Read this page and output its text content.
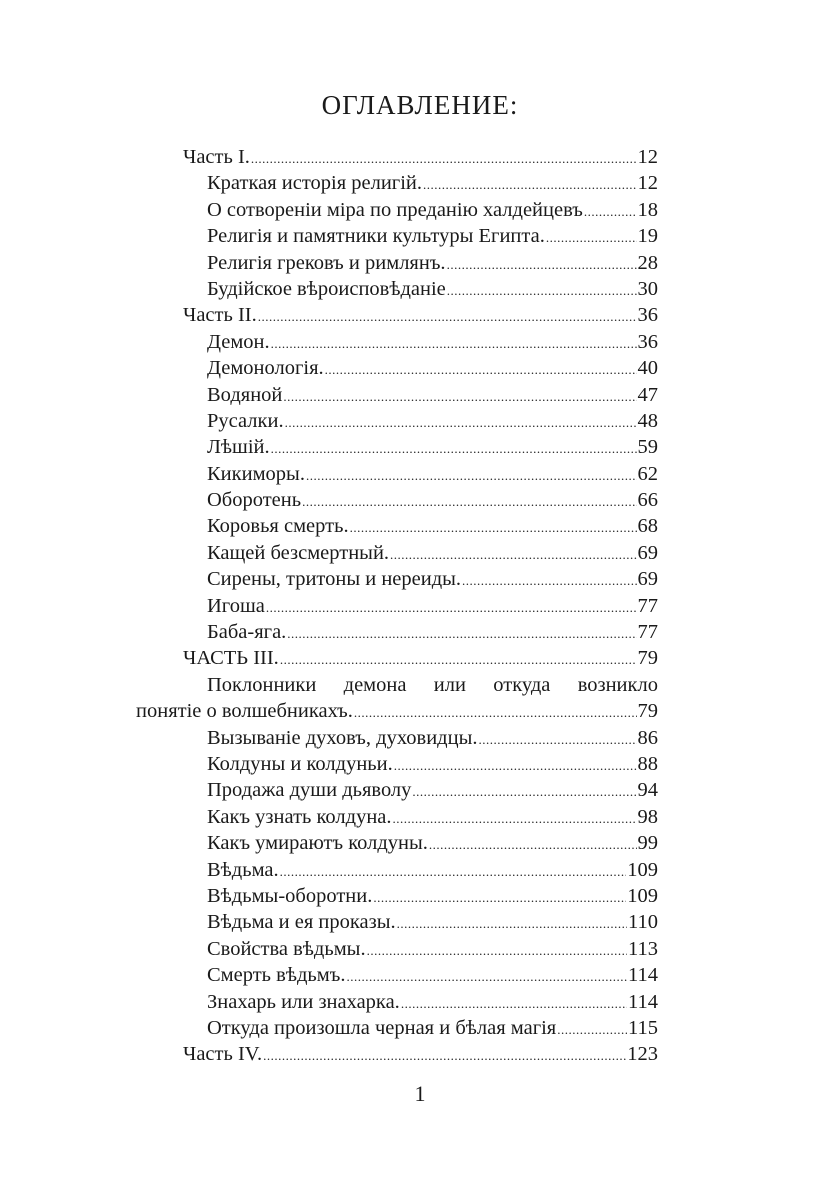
ОГЛАВЛЕНИЕ:
Часть I. .....	12
Краткая исторія религій. .....	12
О сотвореніи міра по преданію халдейцевъ .....	18
Религія и памятники культуры Египта. .....	19
Религія грековъ и римлянъ. .....	28
Будійское вѣроисповѣданіе .....	30
Часть II. .....	36
Демон. .....	36
Демонологія. .....	40
Водяной .....	47
Русалки. .....	48
Лѣшій. .....	59
Кикиморы. .....	62
Оборотень .....	66
Коровья смерть. .....	68
Кащей безсмертный. .....	69
Сирены, тритоны и нереиды. .....	69
Игоша .....	77
Баба-яга. .....	77
ЧАСТЬ III. .....	79
Поклонники демона или откуда возникло
понятіе о волшебникахъ. .....	79
Вызываніе духовъ, духовидцы. .....	86
Колдуны и колдуньи. .....	88
Продажа души дьяволу .....	94
Какъ узнать колдуна. .....	98
Какъ умираютъ колдуны. .....	99
Вѣдьма. .....	109
Вѣдьмы-оборотни. .....	109
Вѣдьма и ея проказы. .....	110
Свойства вѣдьмы. .....	113
Смерть вѣдьмъ. .....	114
Знахарь или знахарка. .....	114
Откуда произошла черная и бѣлая магія .....	115
Часть IV. .....	123
1
